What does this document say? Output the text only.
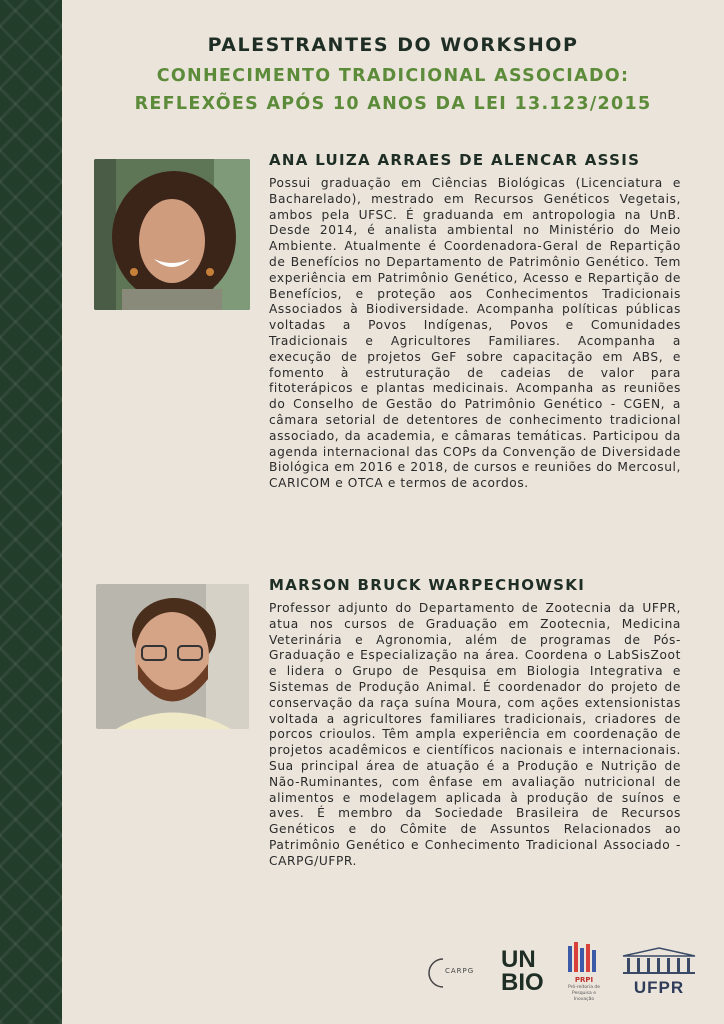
PALESTRANTES DO WORKSHOP
CONHECIMENTO TRADICIONAL ASSOCIADO:
REFLEXÕES APÓS 10 ANOS DA LEI 13.123/2015
ANA LUIZA ARRAES DE ALENCAR ASSIS

Possui graduação em Ciências Biológicas (Licenciatura e Bacharelado), mestrado em Recursos Genéticos Vegetais, ambos pela UFSC. É graduanda em antropologia na UnB. Desde 2014, é analista ambiental no Ministério do Meio Ambiente. Atualmente é Coordenadora-Geral de Repartição de Benefícios no Departamento de Patrimônio Genético. Tem experiência em Patrimônio Genético, Acesso e Repartição de Benefícios, e proteção aos Conhecimentos Tradicionais Associados à Biodiversidade. Acompanha políticas públicas voltadas a Povos Indígenas, Povos e Comunidades Tradicionais e Agricultores Familiares. Acompanha a execução de projetos GeF sobre capacitação em ABS, e fomento à estruturação de cadeias de valor para fitoterápicos e plantas medicinais. Acompanha as reuniões do Conselho de Gestão do Patrimônio Genético - CGEN, a câmara setorial de detentores de conhecimento tradicional associado, da academia, e câmaras temáticas. Participou da agenda internacional das COPs da Convenção de Diversidade Biológica em 2016 e 2018, de cursos e reuniões do Mercosul, CARICOM e OTCA e termos de acordos.

MARSON BRUCK WARPECHOWSKI

Professor adjunto do Departamento de Zootecnia da UFPR, atua nos cursos de Graduação em Zootecnia, Medicina Veterinária e Agronomia, além de programas de Pós-Graduação e Especialização na área. Coordena o LabSisZoot e lidera o Grupo de Pesquisa em Biologia Integrativa e Sistemas de Produção Animal. É coordenador do projeto de conservação da raça suína Moura, com ações extensionistas voltada a agricultores familiares tradicionais, criadores de porcos crioulos. Têm ampla experiência em coordenação de projetos acadêmicos e científicos nacionais e internacionais. Sua principal área de atuação é a Produção e Nutrição de Não-Ruminantes, com ênfase em avaliação nutricional de alimentos e modelagem aplicada à produção de suínos e aves. É membro da Sociedade Brasileira de Recursos Genéticos e do Cômite de Assuntos Relacionados ao Patrimônio Genético e Conhecimento Tradicional Associado - CARPG/UFPR.

CARPG UN
BIO	PRPI
Pró-reitoria de Pesquisa e Inovação
UFPR
